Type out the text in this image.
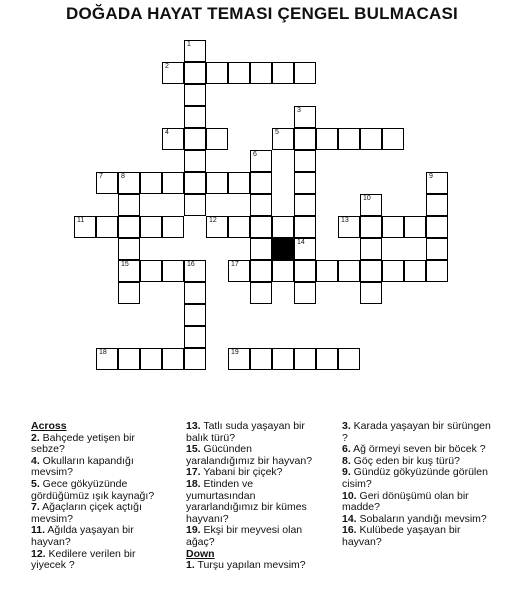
DOĞADA HAYAT TEMASI ÇENGEL BULMACASI
1
2
3
4	5
6
7	8	9
10
11	12	13
14
15	16	17
18	19
Across
2. Bahçede yetişen bir sebze?
4. Okulların kapandığı mevsim?
5. Gece gökyüzünde gördüğümüz ışık kaynağı?
7. Ağaçların çiçek açtığı mevsim?
11. Ağılda yaşayan bir hayvan?
12. Kedilere verilen bir yiyecek ?
13. Tatlı suda yaşayan bir balık türü?
15. Gücünden yaralandığımız bir hayvan?
17. Yabani bir çiçek?
18. Etinden ve yumurtasından yararlandığımız bir kümes hayvanı?
19. Ekşi bir meyvesi olan ağaç?
Down
1. Turşu yapılan mevsim?
3. Karada yaşayan bir sürüngen ?
6. Ağ örmeyi seven bir böcek ?
8. Göç eden bir kuş türü?
9. Gündüz gökyüzünde görülen cisim?
10. Geri dönüşümü olan bir madde?
14. Sobaların yandığı mevsim?
16. Kulübede yaşayan bir hayvan?
